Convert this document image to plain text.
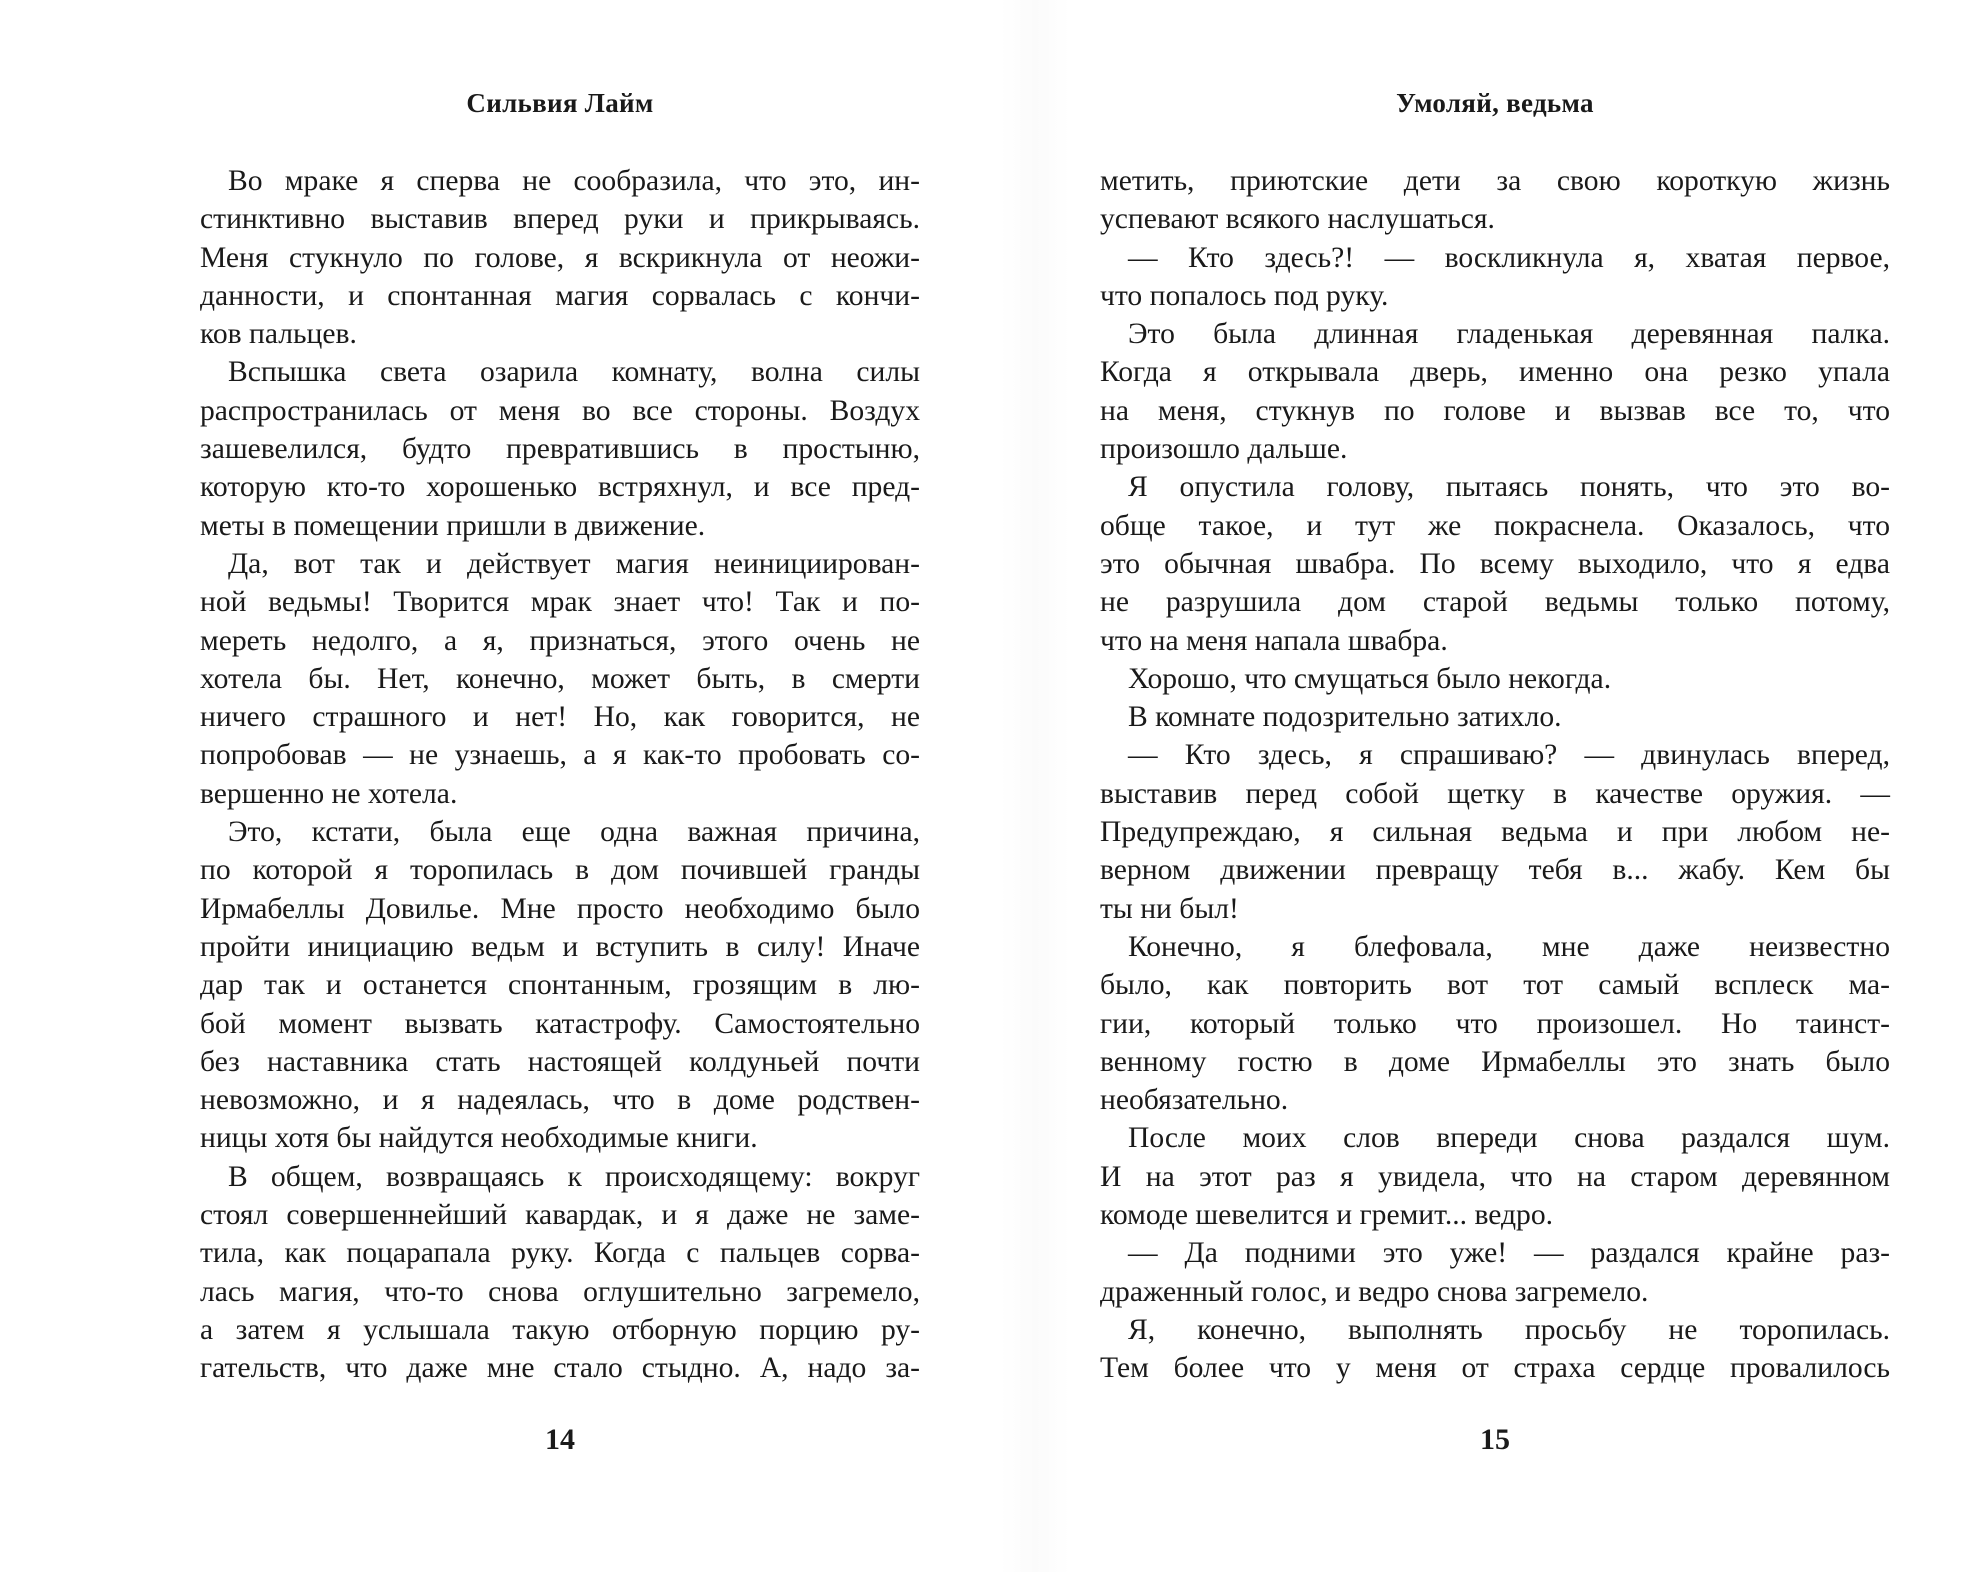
Сильвия Лайм
Во мраке я сперва не сообразила, что это, ин-
стинктивно выставив вперед руки и прикрываясь.
Меня стукнуло по голове, я вскрикнула от неожи-
данности, и спонтанная магия сорвалась с кончи-
ков пальцев.
Вспышка света озарила комнату, волна силы
распространилась от меня во все стороны. Воздух
зашевелился, будто превратившись в простыню,
которую кто-то хорошенько встряхнул, и все пред-
меты в помещении пришли в движение.
Да, вот так и действует магия неинициирован-
ной ведьмы! Творится мрак знает что! Так и по-
мереть недолго, а я, признаться, этого очень не
хотела бы. Нет, конечно, может быть, в смерти
ничего страшного и нет! Но, как говорится, не
попробовав — не узнаешь, а я как-то пробовать со-
вершенно не хотела.
Это, кстати, была еще одна важная причина,
по которой я торопилась в дом почившей гранды
Ирмабеллы Довилье. Мне просто необходимо было
пройти инициацию ведьм и вступить в силу! Иначе
дар так и останется спонтанным, грозящим в лю-
бой момент вызвать катастрофу. Самостоятельно
без наставника стать настоящей колдуньей почти
невозможно, и я надеялась, что в доме родствен-
ницы хотя бы найдутся необходимые книги.
В общем, возвращаясь к происходящему: вокруг
стоял совершеннейший кавардак, и я даже не заме-
тила, как поцарапала руку. Когда с пальцев сорва-
лась магия, что-то снова оглушительно загремело,
а затем я услышала такую отборную порцию ру-
гательств, что даже мне стало стыдно. А, надо за-
14
Умоляй, ведьма
метить, приютские дети за свою короткую жизнь
успевают всякого наслушаться.
— Кто здесь?! — воскликнула я, хватая первое,
что попалось под руку.
Это была длинная гладенькая деревянная палка.
Когда я открывала дверь, именно она резко упала
на меня, стукнув по голове и вызвав все то, что
произошло дальше.
Я опустила голову, пытаясь понять, что это во-
обще такое, и тут же покраснела. Оказалось, что
это обычная швабра. По всему выходило, что я едва
не разрушила дом старой ведьмы только потому,
что на меня напала швабра.
Хорошо, что смущаться было некогда.
В комнате подозрительно затихло.
— Кто здесь, я спрашиваю? — двинулась вперед,
выставив перед собой щетку в качестве оружия. —
Предупреждаю, я сильная ведьма и при любом не-
верном движении превращу тебя в... жабу. Кем бы
ты ни был!
Конечно, я блефовала, мне даже неизвестно
было, как повторить вот тот самый всплеск ма-
гии, который только что произошел. Но таинст-
венному гостю в доме Ирмабеллы это знать было
необязательно.
После моих слов впереди снова раздался шум.
И на этот раз я увидела, что на старом деревянном
комоде шевелится и гремит... ведро.
— Да подними это уже! — раздался крайне раз-
драженный голос, и ведро снова загремело.
Я, конечно, выполнять просьбу не торопилась.
Тем более что у меня от страха сердце провалилось
15
